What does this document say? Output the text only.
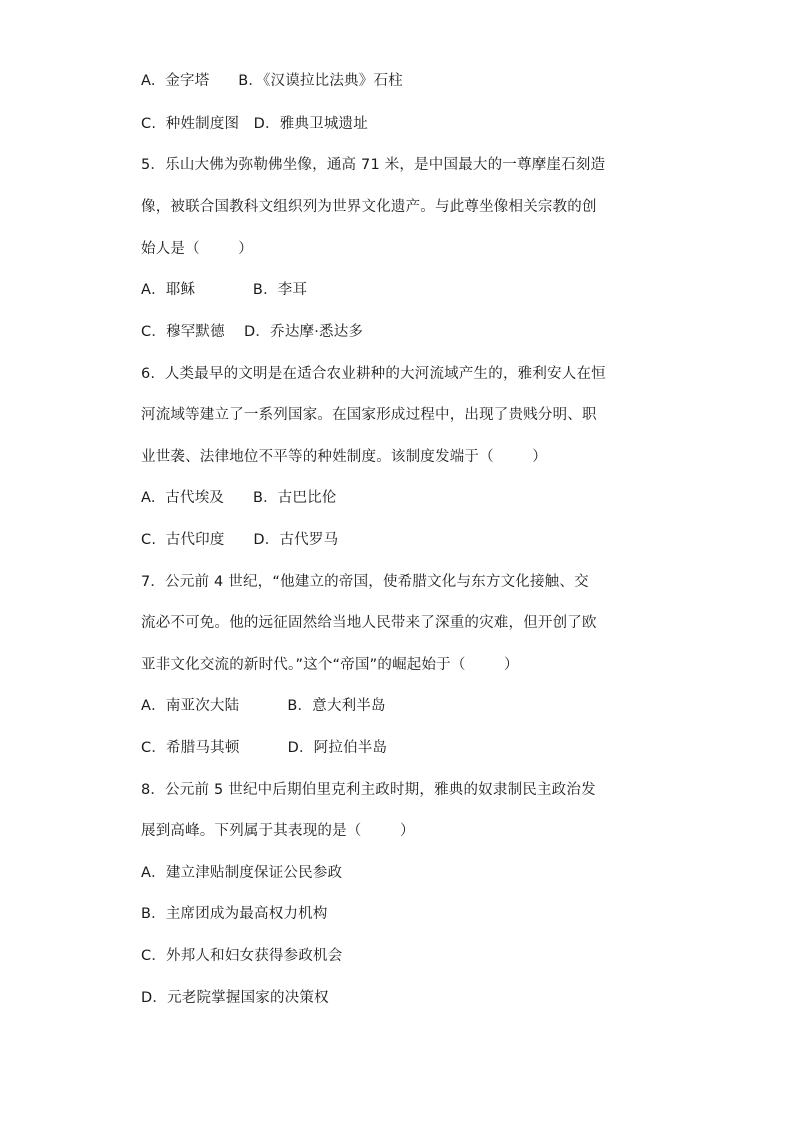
A.  金字塔      B．《汉谟拉比法典》石柱
C.  种姓制度图   D．雅典卫城遗址
5．乐山大佛为弥勒佛坐像，通高 71 米，是中国最大的一尊摩崖石刻造
像，被联合国教科文组织列为世界文化遗产。与此尊坐像相关宗教的创
始人是（        ）
A．耶稣            B．李耳
C．穆罕默德    D．乔达摩·悉达多
6.  人类最早的文明是在适合农业耕种的大河流域产生的，雅利安人在恒
河流域等建立了一系列国家。在国家形成过程中，出现了贵贱分明、职
业世袭、法律地位不平等的种姓制度。该制度发端于（        ）
A.  古代埃及      B．古巴比伦
C.  古代印度      D．古代罗马
7．公元前 4 世纪，“他建立的帝国，使希腊文化与东方文化接触、交
流必不可免。他的远征固然给当地人民带来了深重的灾难，但开创了欧
亚非文化交流的新时代。”这个“帝国”的崛起始于（        ）
A．南亚次大陆          B．意大利半岛
C．希腊马其顿          D．阿拉伯半岛
8．公元前 5 世纪中后期伯里克利主政时期，雅典的奴隶制民主政治发
展到高峰。下列属于其表现的是（        ）
A．建立津贴制度保证公民参政
B．主席团成为最高权力机构
C．外邦人和妇女获得参政机会
D．元老院掌握国家的决策权
